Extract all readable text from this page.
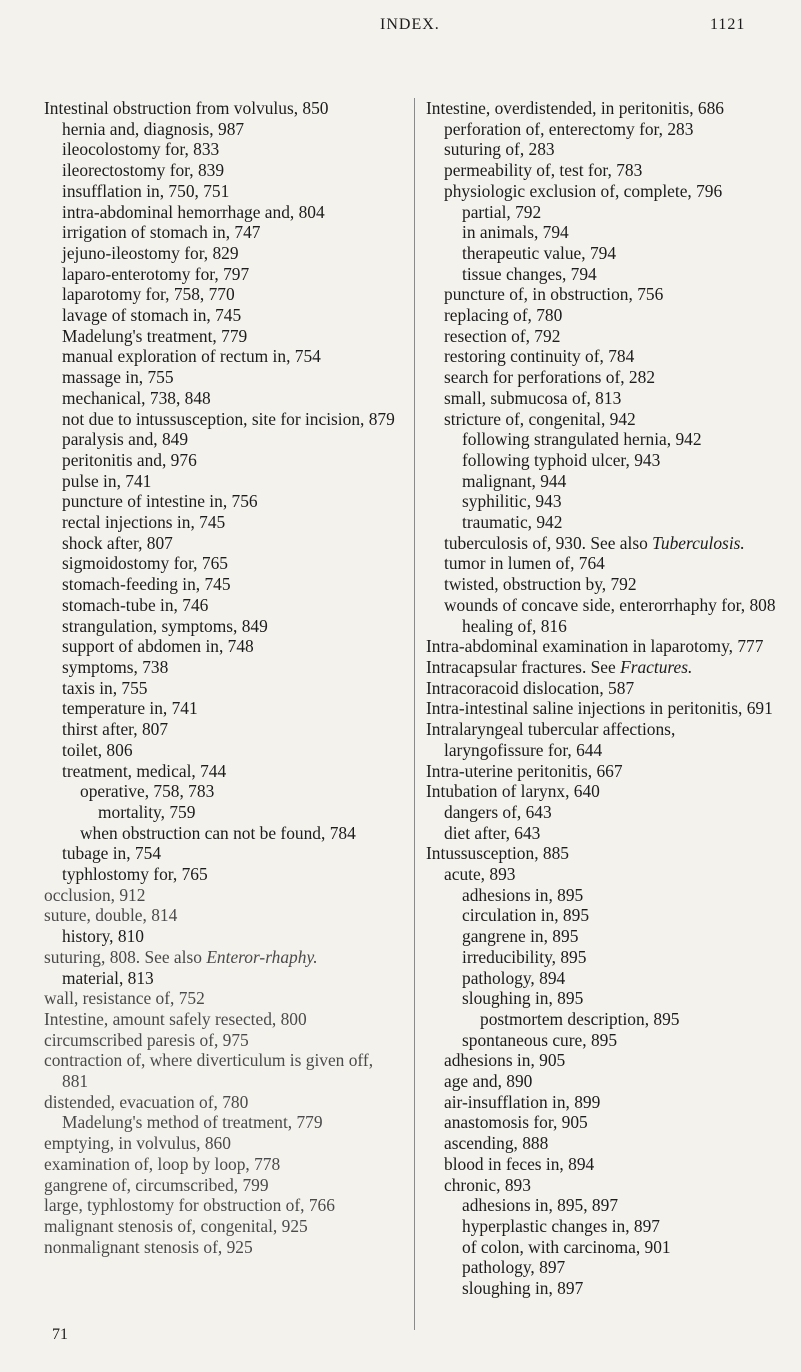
INDEX.	1121
Intestinal obstruction from volvulus, 850
hernia and, diagnosis, 987
ileocolostomy for, 833
ileorectostomy for, 839
insufflation in, 750, 751
intra-abdominal hemorrhage and, 804
irrigation of stomach in, 747
jejuno-ileostomy for, 829
laparo-enterotomy for, 797
laparotomy for, 758, 770
lavage of stomach in, 745
Madelung's treatment, 779
manual exploration of rectum in, 754
massage in, 755
mechanical, 738, 848
not due to intussusception, site for incision, 879
paralysis and, 849
peritonitis and, 976
pulse in, 741
puncture of intestine in, 756
rectal injections in, 745
shock after, 807
sigmoidostomy for, 765
stomach-feeding in, 745
stomach-tube in, 746
strangulation, symptoms, 849
support of abdomen in, 748
symptoms, 738
taxis in, 755
temperature in, 741
thirst after, 807
toilet, 806
treatment, medical, 744
operative, 758, 783
mortality, 759
when obstruction can not be found, 784
tubage in, 754
typhlostomy for, 765
occlusion, 912
suture, double, 814
history, 810
suturing, 808. See also Enteror-rhaphy.
material, 813
wall, resistance of, 752
Intestine, amount safely resected, 800
circumscribed paresis of, 975
contraction of, where diverticulum is given off, 881
distended, evacuation of, 780
Madelung's method of treatment, 779
emptying, in volvulus, 860
examination of, loop by loop, 778
gangrene of, circumscribed, 799
large, typhlostomy for obstruction of, 766
malignant stenosis of, congenital, 925
nonmalignant stenosis of, 925
Intestine, overdistended, in peritonitis, 686
perforation of, enterectomy for, 283
suturing of, 283
permeability of, test for, 783
physiologic exclusion of, complete, 796
partial, 792
in animals, 794
therapeutic value, 794
tissue changes, 794
puncture of, in obstruction, 756
replacing of, 780
resection of, 792
restoring continuity of, 784
search for perforations of, 282
small, submucosa of, 813
stricture of, congenital, 942
following strangulated hernia, 942
following typhoid ulcer, 943
malignant, 944
syphilitic, 943
traumatic, 942
tuberculosis of, 930. See also Tuberculosis.
tumor in lumen of, 764
twisted, obstruction by, 792
wounds of concave side, enterorrhaphy for, 808
healing of, 816
Intra-abdominal examination in laparotomy, 777
Intracapsular fractures. See Fractures.
Intracoracoid dislocation, 587
Intra-intestinal saline injections in peritonitis, 691
Intralaryngeal tubercular affections, laryngofissure for, 644
Intra-uterine peritonitis, 667
Intubation of larynx, 640
dangers of, 643
diet after, 643
Intussusception, 885
acute, 893
adhesions in, 895
circulation in, 895
gangrene in, 895
irreducibility, 895
pathology, 894
sloughing in, 895
postmortem description, 895
spontaneous cure, 895
adhesions in, 905
age and, 890
air-insufflation in, 899
anastomosis for, 905
ascending, 888
blood in feces in, 894
chronic, 893
adhesions in, 895, 897
hyperplastic changes in, 897
of colon, with carcinoma, 901
pathology, 897
sloughing in, 897
71
